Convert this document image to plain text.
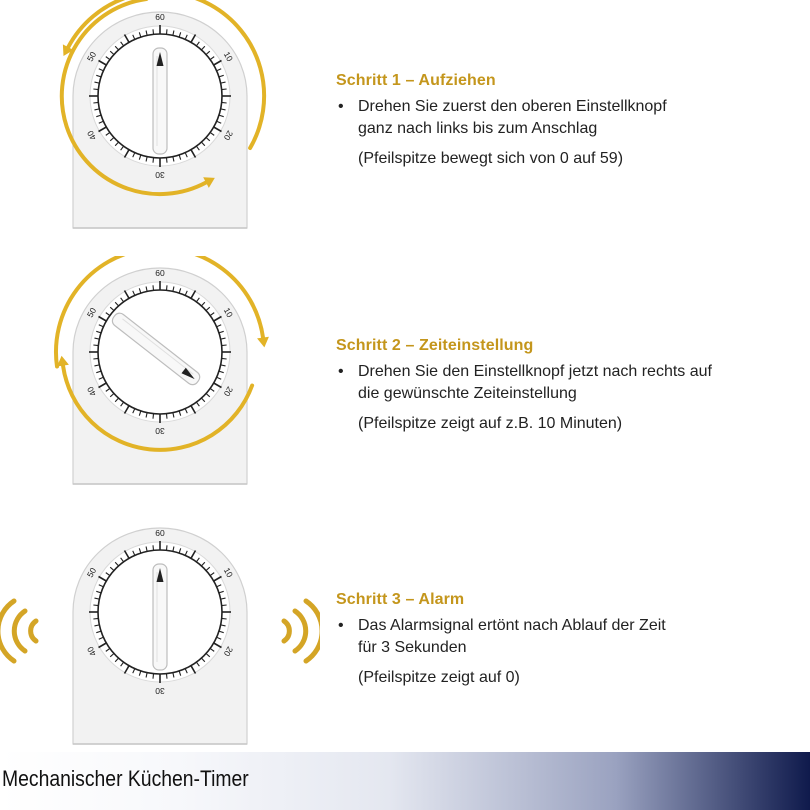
60
10
20
30
40
50
60
10
20
30
40
50
60
10
20
30
40
50
Schritt 1 – Aufziehen
• Drehen Sie zuerst den oberen Einstellknopf
ganz nach links bis zum Anschlag
(Pfeilspitze bewegt sich von 0 auf 59)
Schritt 2 – Zeiteinstellung
• Drehen Sie den Einstellknopf jetzt nach rechts auf
die gewünschte Zeiteinstellung
(Pfeilspitze zeigt auf z.B. 10 Minuten)
Schritt 3 – Alarm
• Das Alarmsignal ertönt nach Ablauf der Zeit
für 3 Sekunden
(Pfeilspitze zeigt auf 0)
Mechanischer Küchen-Timer
